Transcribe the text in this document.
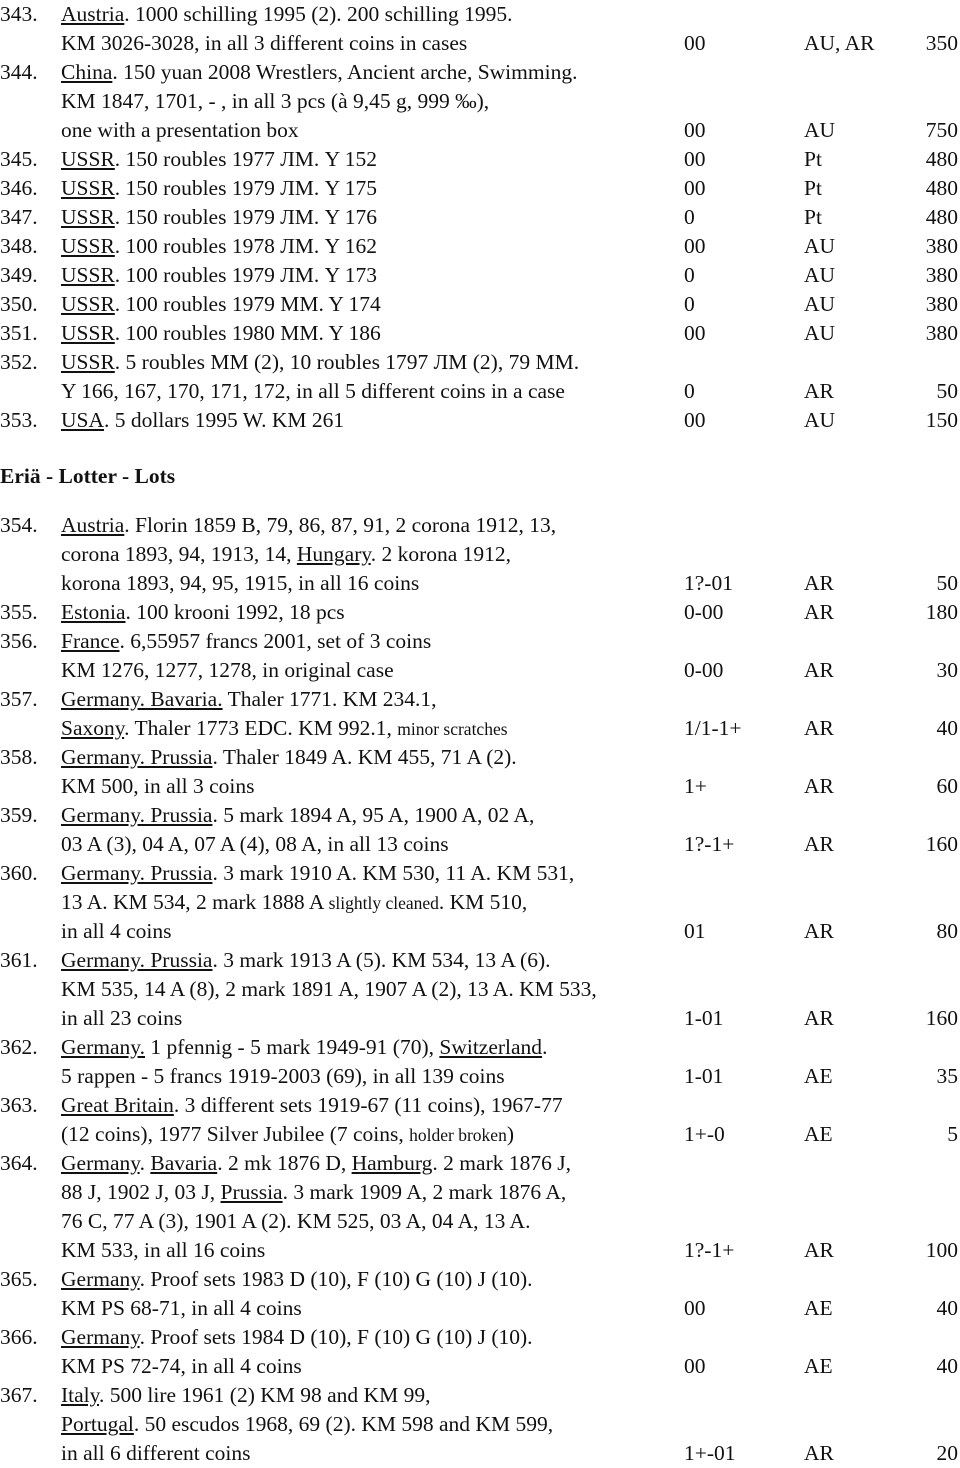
343. Austria. 1000 schilling 1995 (2). 200 schilling 1995.
KM 3026-3028, in all 3 different coins in cases	00	AU, AR 350
344. China. 150 yuan 2008 Wrestlers, Ancient arche, Swimming.
KM 1847, 1701, - , in all 3 pcs (à 9,45 g, 999 ‰),
one with a presentation box	00	AU	750
345. USSR. 150 roubles 1977 ЛМ. Y 152	00	Pt	480
346. USSR. 150 roubles 1979 ЛМ. Y 175	00	Pt	480
347. USSR. 150 roubles 1979 ЛМ. Y 176	0	Pt	480
348. USSR. 100 roubles 1978 ЛМ. Y 162	00	AU	380
349. USSR. 100 roubles 1979 ЛМ. Y 173	0	AU	380
350. USSR. 100 roubles 1979 MM. Y 174	0	AU	380
351. USSR. 100 roubles 1980 MM. Y 186	00	AU	380
352. USSR. 5 roubles MM (2), 10 roubles 1797 ЛМ (2), 79 MM.
Y 166, 167, 170, 171, 172, in all 5 different coins in a case	0	AR	50
353. USA. 5 dollars 1995 W. KM 261	00	AU	150
Eriä - Lotter - Lots
354. Austria. Florin 1859 B, 79, 86, 87, 91, 2 corona 1912, 13,
corona 1893, 94, 1913, 14, Hungary. 2 korona 1912,
korona 1893, 94, 95, 1915, in all 16 coins	1?-01	AR	50
355. Estonia. 100 krooni 1992, 18 pcs	0-00	AR	180
356. France. 6,55957 francs 2001, set of 3 coins
KM 1276, 1277, 1278, in original case	0-00	AR	30
357. Germany. Bavaria. Thaler 1771. KM 234.1,
Saxony. Thaler 1773 EDC. KM 992.1, minor scratches	1/1-1+	AR	40
358. Germany. Prussia. Thaler 1849 A. KM 455, 71 A (2).
KM 500, in all 3 coins	1+	AR	60
359. Germany. Prussia. 5 mark 1894 A, 95 A, 1900 A, 02 A,
03 A (3), 04 A, 07 A (4), 08 A, in all 13 coins	1?-1+	AR	160
360. Germany. Prussia. 3 mark 1910 A. KM 530, 11 A. KM 531,
13 A. KM 534, 2 mark 1888 A slightly cleaned. KM 510,
in all 4 coins	01	AR	80
361. Germany. Prussia. 3 mark 1913 A (5). KM 534, 13 A (6).
KM 535, 14 A (8), 2 mark 1891 A, 1907 A (2), 13 A. KM 533,
in all 23 coins	1-01	AR	160
362. Germany. 1 pfennig - 5 mark 1949-91 (70), Switzerland.
5 rappen - 5 francs 1919-2003 (69), in all 139 coins	1-01	AE	35
363. Great Britain. 3 different sets 1919-67 (11 coins), 1967-77
(12 coins), 1977 Silver Jubilee (7 coins, holder broken)	1+-0	AE	5
364. Germany. Bavaria. 2 mk 1876 D, Hamburg. 2 mark 1876 J,
88 J, 1902 J, 03 J, Prussia. 3 mark 1909 A, 2 mark 1876 A,
76 C, 77 A (3), 1901 A (2). KM 525, 03 A, 04 A, 13 A.
KM 533, in all 16 coins	1?-1+	AR	100
365. Germany. Proof sets 1983 D (10), F (10) G (10) J (10).
KM PS 68-71, in all 4 coins	00	AE	40
366. Germany. Proof sets 1984 D (10), F (10) G (10) J (10).
KM PS 72-74, in all 4 coins	00	AE	40
367. Italy. 500 lire 1961 (2) KM 98 and KM 99,
Portugal. 50 escudos 1968, 69 (2). KM 598 and KM 599,
in all 6 different coins	1+-01	AR	20
